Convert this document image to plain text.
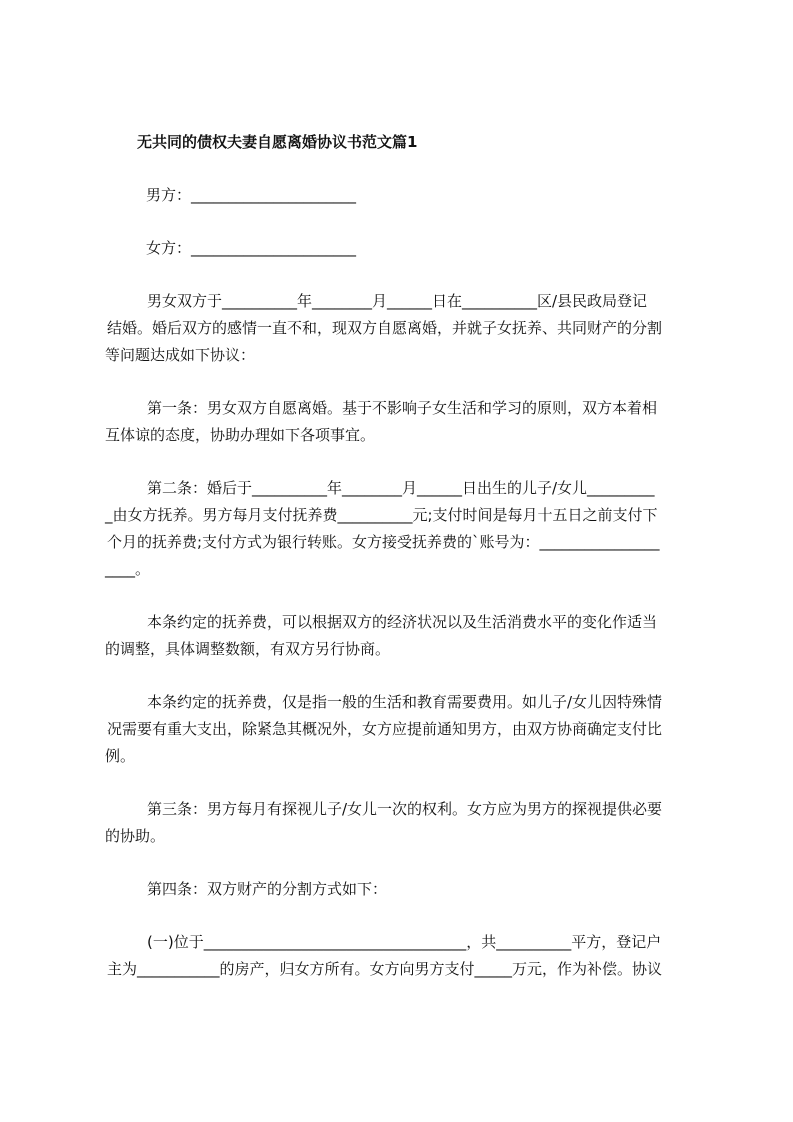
无共同的债权夫妻自愿离婚协议书范文篇1
男方：______________________
女方：______________________
男女双方于__________年________月______日在__________区/县民政局登记
结婚。婚后双方的感情一直不和，现双方自愿离婚，并就子女抚养、共同财产的分割
等问题达成如下协议：
第一条：男女双方自愿离婚。基于不影响子女生活和学习的原则，双方本着相
互体谅的态度，协助办理如下各项事宜。
第二条：婚后于__________年________月______日出生的儿子/女儿_________
_由女方抚养。男方每月支付抚养费__________元;支付时间是每月十五日之前支付下
个月的抚养费;支付方式为银行转账。女方接受抚养费的`账号为：________________
____。
本条约定的抚养费，可以根据双方的经济状况以及生活消费水平的变化作适当
的调整，具体调整数额，有双方另行协商。
本条约定的抚养费，仅是指一般的生活和教育需要费用。如儿子/女儿因特殊情
况需要有重大支出，除紧急其概况外，女方应提前通知男方，由双方协商确定支付比
例。
第三条：男方每月有探视儿子/女儿一次的权利。女方应为男方的探视提供必要
的协助。
第四条：双方财产的分割方式如下：
(一)位于___________________________________，共__________平方，登记户
主为___________的房产，归女方所有。女方向男方支付_____万元，作为补偿。协议
